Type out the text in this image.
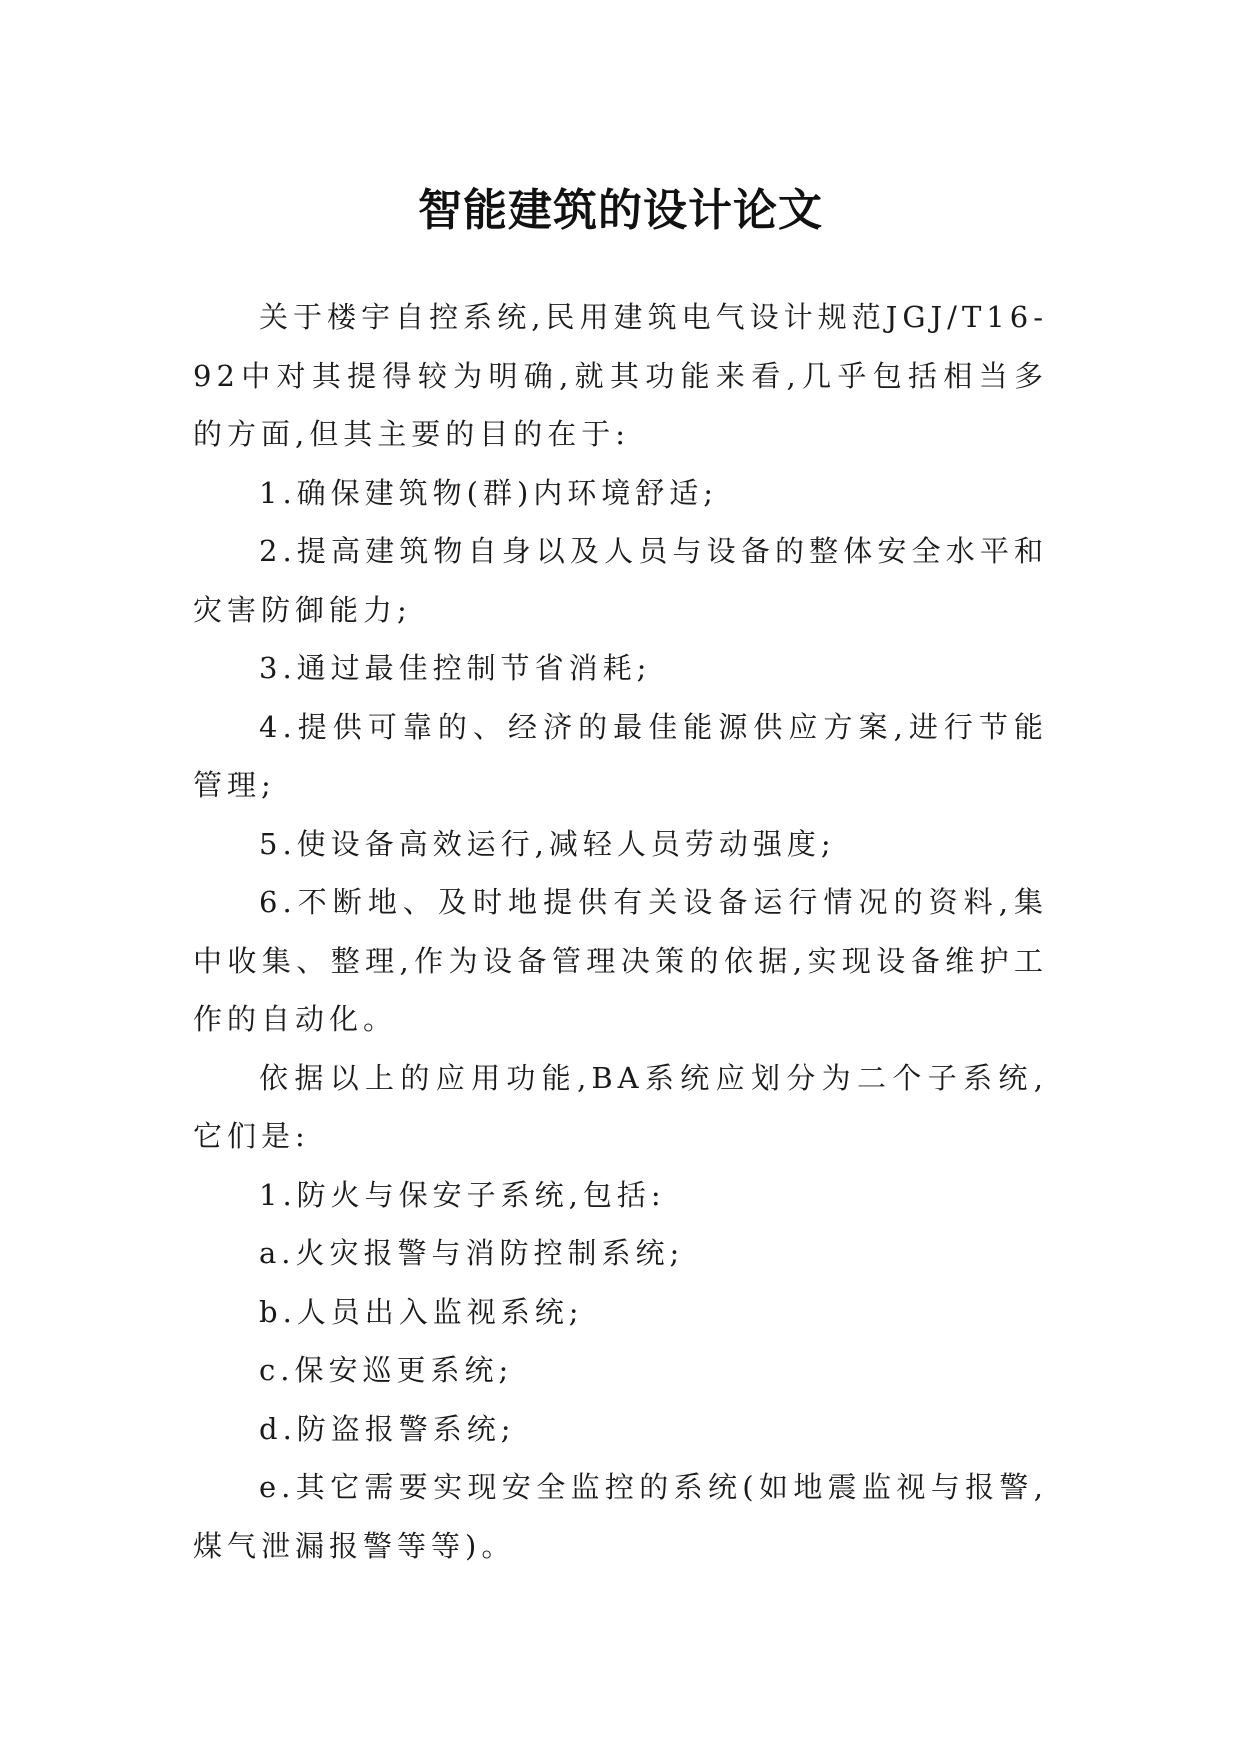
智能建筑的设计论文

关于楼宇自控系统,民用建筑电气设计规范JGJ/T16-92中对其提得较为明确,就其功能来看,几乎包括相当多的方面,但其主要的目的在于:

1.确保建筑物(群)内环境舒适;

2.提高建筑物自身以及人员与设备的整体安全水平和灾害防御能力;

3.通过最佳控制节省消耗;

4.提供可靠的、经济的最佳能源供应方案,进行节能管理;

5.使设备高效运行,减轻人员劳动强度;

6.不断地、及时地提供有关设备运行情况的资料,集中收集、整理,作为设备管理决策的依据,实现设备维护工作的自动化。

依据以上的应用功能,BA系统应划分为二个子系统,它们是:

1.防火与保安子系统,包括:

a.火灾报警与消防控制系统;

b.人员出入监视系统;

c.保安巡更系统;

d.防盗报警系统;

e.其它需要实现安全监控的系统(如地震监视与报警,煤气泄漏报警等等)。
